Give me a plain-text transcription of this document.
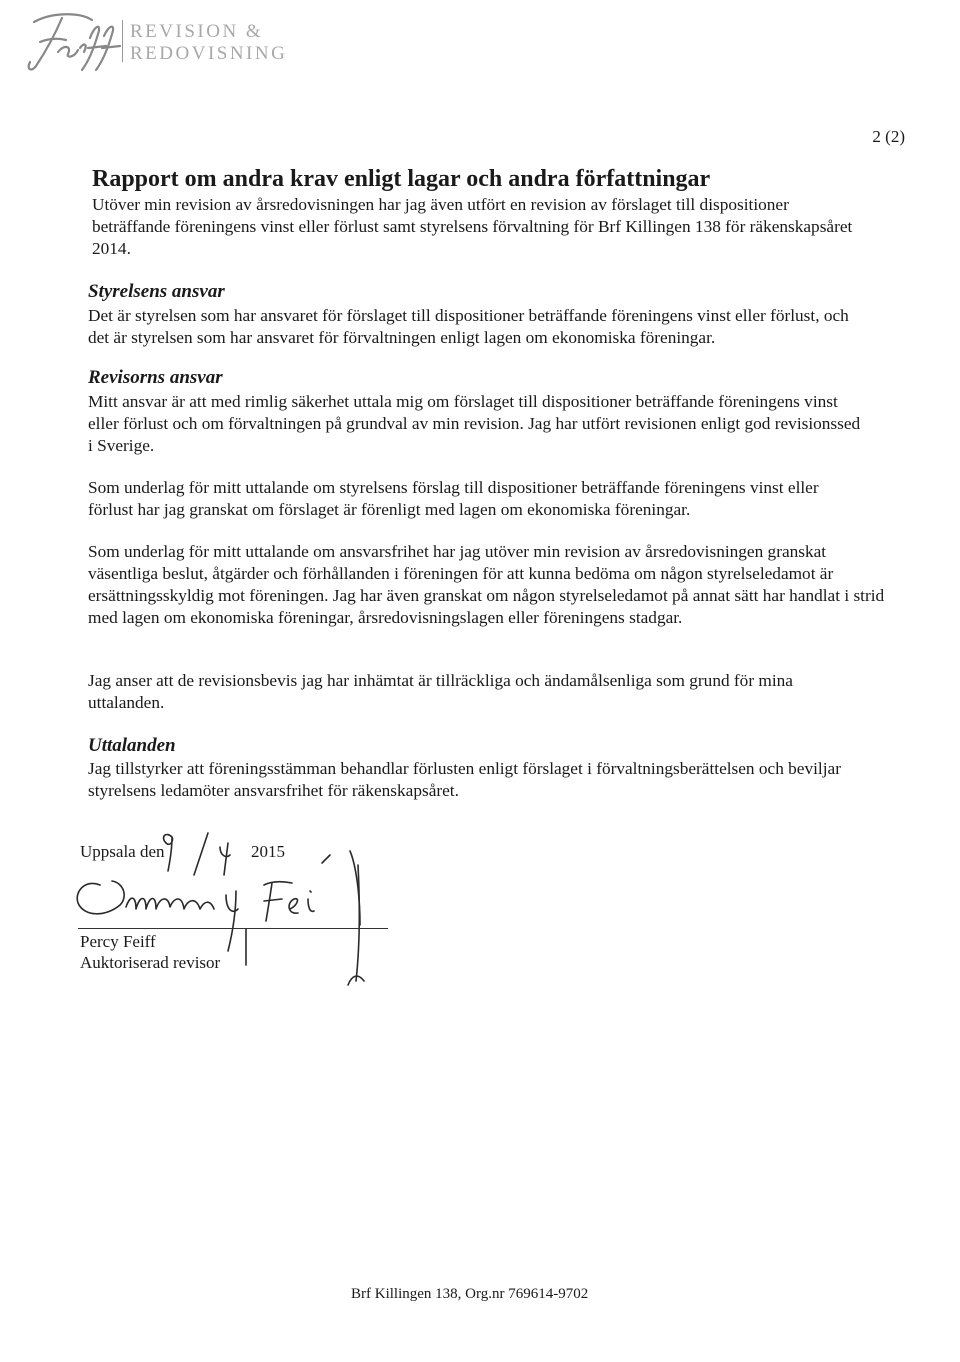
REVISION &
REDOVISNING
2 (2)
Rapport om andra krav enligt lagar och andra författningar

Utöver min revision av årsredovisningen har jag även utfört en revision av förslaget till dispositioner beträffande föreningens vinst eller förlust samt styrelsens förvaltning för Brf Killingen 138 för räkenskapsåret 2014.

Styrelsens ansvar

Det är styrelsen som har ansvaret för förslaget till dispositioner beträffande föreningens vinst eller förlust, och det är styrelsen som har ansvaret för förvaltningen enligt lagen om ekonomiska föreningar.

Revisorns ansvar

Mitt ansvar är att med rimlig säkerhet uttala mig om förslaget till dispositioner beträffande föreningens vinst eller förlust och om förvaltningen på grundval av min revision. Jag har utfört revisionen enligt god revisionssed i Sverige.

Som underlag för mitt uttalande om styrelsens förslag till dispositioner beträffande föreningens vinst eller förlust har jag granskat om förslaget är förenligt med lagen om ekonomiska föreningar.

Som underlag för mitt uttalande om ansvarsfrihet har jag utöver min revision av årsredovisningen granskat väsentliga beslut, åtgärder och förhållanden i föreningen för att kunna bedöma om någon styrelseledamot är ersättningsskyldig mot föreningen. Jag har även granskat om någon styrelseledamot på annat sätt har handlat i strid med lagen om ekonomiska föreningar, årsredovisningslagen eller föreningens stadgar.

Jag anser att de revisionsbevis jag har inhämtat är tillräckliga och ändamålsenliga som grund för mina uttalanden.

Uttalanden

Jag tillstyrker att föreningsstämman behandlar förlusten enligt förslaget i förvaltningsberättelsen och beviljar styrelsens ledamöter ansvarsfrihet för räkenskapsåret.

Uppsala den	2015
Percy Feiff
Auktoriserad revisor
Brf Killingen 138, Org.nr 769614-9702
